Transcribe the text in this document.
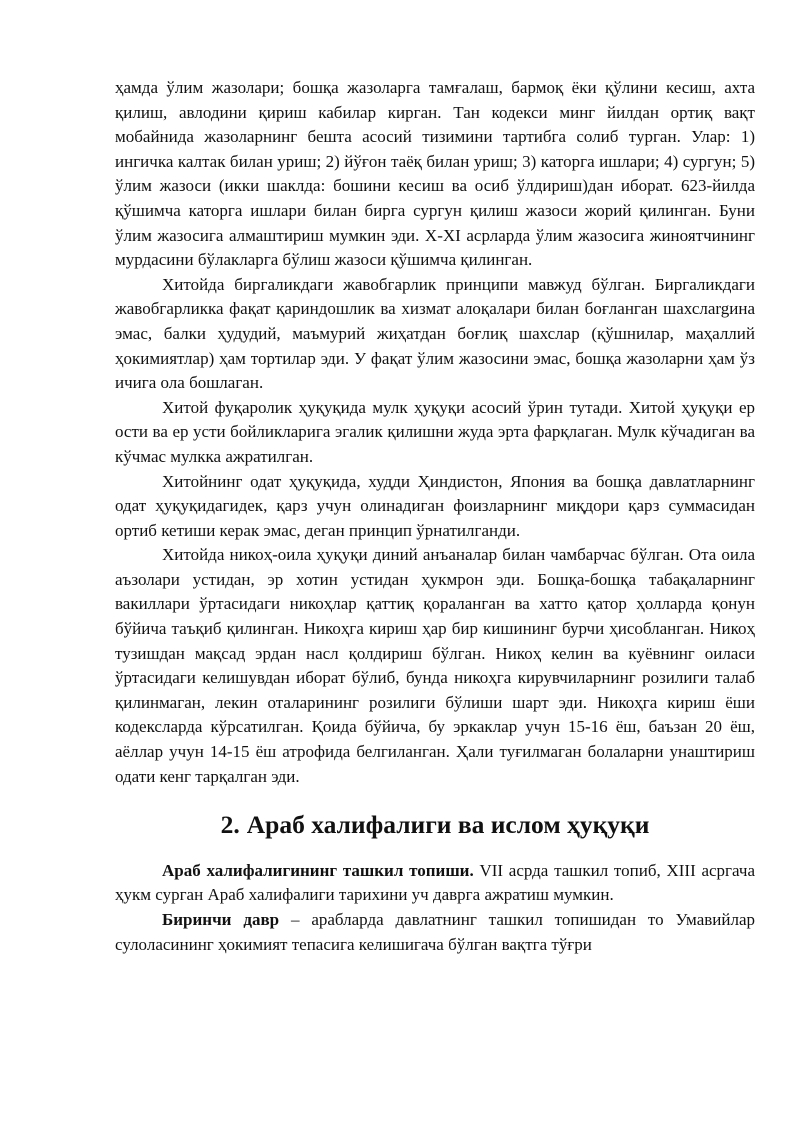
ҳамда ўлим жазолари; бошқа жазоларга тамғалаш, бармоқ ёки қўлини кесиш, ахта қилиш, авлодини қириш кабилар кирган. Тан кодекси минг йилдан ортиқ вақт мобайнида жазоларнинг бешта асосий тизимини тартибга солиб турган. Улар: 1) ингичка калтак билан уриш; 2) йўғон таёқ билан уриш; 3) каторга ишлари; 4) сургун; 5) ўлим жазоси (икки шаклда: бошини кесиш ва осиб ўлдириш)дан иборат. 623-йилда қўшимча каторга ишлари билан бирга сургун қилиш жазоси жорий қилинган. Буни ўлим жазосига алмаштириш мумкин эди. X-XI асрларда ўлим жазосига жиноятчининг мурдасини бўлакларга бўлиш жазоси қўшимча қилинган.

Хитойда биргаликдаги жавобгарлик принципи мавжуд бўлган. Биргаликдаги жавобгарликка фақат қариндошлик ва хизмат алоқалари билан боғланган шахслargина эмас, балки ҳудудий, маъмурий жиҳатдан боғлиқ шахслар (қўшнилар, маҳаллий ҳокимиятлар) ҳам тортилар эди. У фақат ўлим жазосини эмас, бошқа жазоларни ҳам ўз ичига ола бошлаган.

Хитой фуқаролик ҳуқуқида мулк ҳуқуқи асосий ўрин тутади. Хитой ҳуқуқи ер ости ва ер усти бойликларига эгалик қилишни жуда эрта фарқлаган. Мулк кўчадиган ва кўчмас мулкка ажратилган.

Хитойнинг одат ҳуқуқида, худди Ҳиндистон, Япония ва бошқа давлатларнинг одат ҳуқуқидагидек, қарз учун олинадиган фоизларнинг миқдори қарз суммасидан ортиб кетиши керак эмас, деган принцип ўрнатилганди.

Хитойда никоҳ-оила ҳуқуқи диний анъаналар билан чамбарчас бўлган. Ота оила аъзолари устидан, эр хотин устидан ҳукмрон эди. Бошқа-бошқа табақаларнинг вакиллари ўртасидаги никоҳлар қаттиқ қораланган ва хатто қатор ҳолларда қонун бўйича таъқиб қилинган. Никоҳга кириш ҳар бир кишининг бурчи ҳисобланган. Никоҳ тузишдан мақсад эрдан насл қолдириш бўлган. Никоҳ келин ва куёвнинг оиласи ўртасидаги келишувдан иборат бўлиб, бунда никоҳга кирувчиларнинг розилиги талаб қилинмаган, лекин оталарининг розилиги бўлиши шарт эди. Никоҳга кириш ёши кодексларда кўрсатилган. Қоида бўйича, бу эркаклар учун 15-16 ёш, баъзан 20 ёш, аёллар учун 14-15 ёш атрофида белгиланган. Ҳали туғилмаган болаларни унаштириш одати кенг тарқалган эди.

2. Араб халифалиги ва ислом ҳуқуқи

Араб халифалигининг ташкил топиши. VII асрда ташкил топиб, XIII асргача ҳукм сурган Араб халифалиги тарихини уч даврга ажратиш мумкин.

Биринчи давр – арабларда давлатнинг ташкил топишидан то Умавийлар сулоласининг ҳокимият тепасига келишигача бўлган вақтга тўғри
